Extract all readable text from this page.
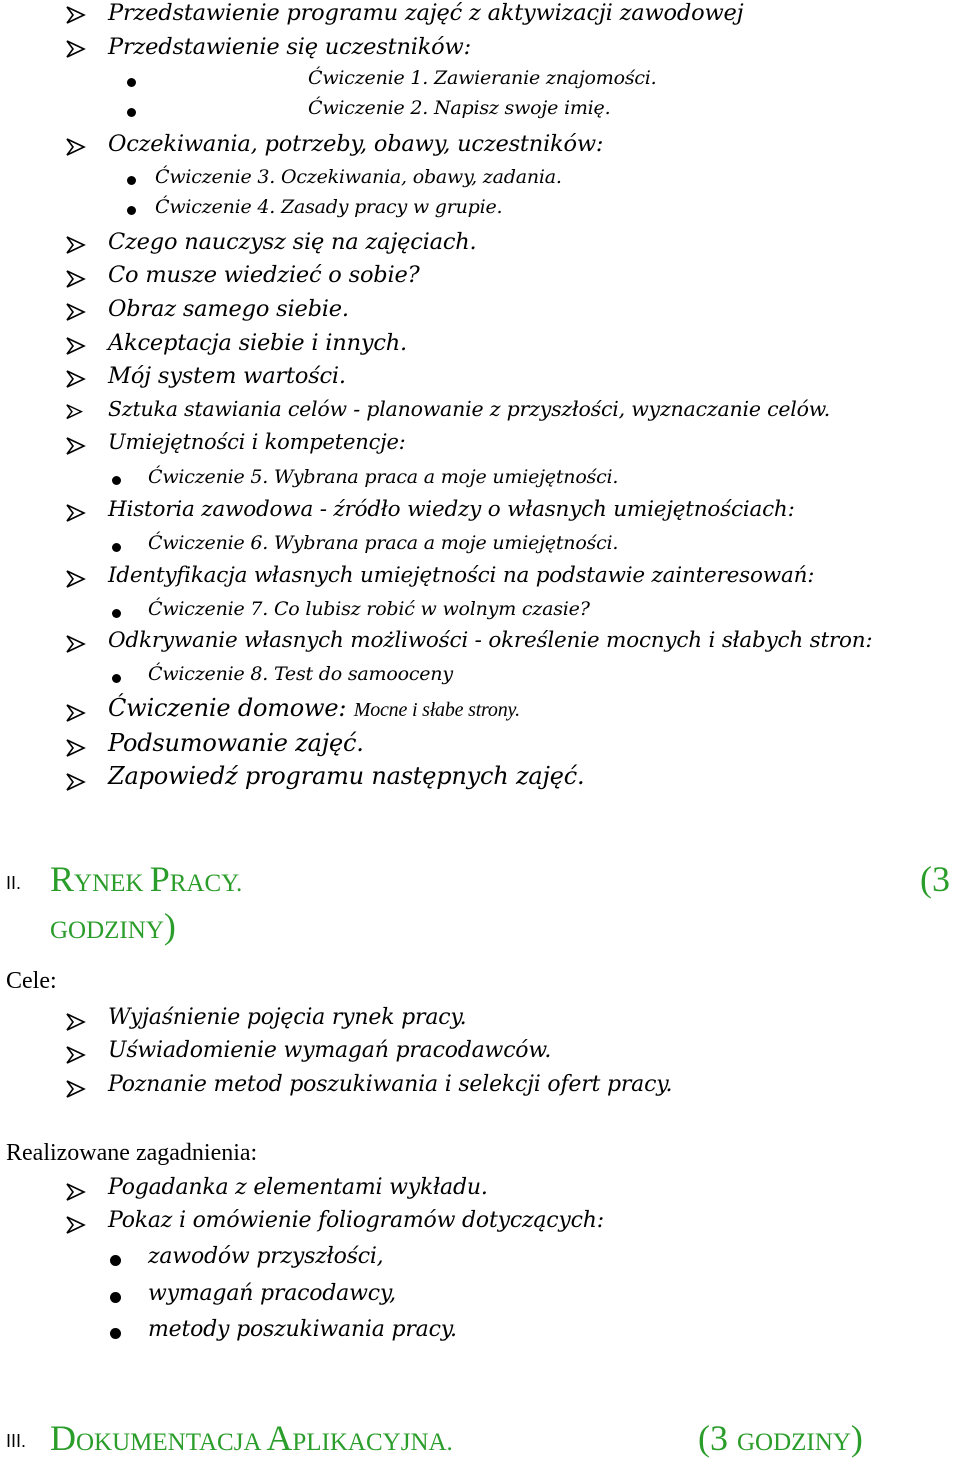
Przedstawienie programu zajęć z aktywizacji zawodowej
Przedstawienie się uczestników:
Ćwiczenie 1. Zawieranie znajomości.
Ćwiczenie 2. Napisz swoje imię.
Oczekiwania, potrzeby, obawy, uczestników:
Ćwiczenie 3. Oczekiwania, obawy, zadania.
Ćwiczenie 4. Zasady pracy w grupie.
Czego nauczysz się na zajęciach.
Co musze wiedzieć o sobie?
Obraz samego siebie.
Akceptacja siebie i innych.
Mój system wartości.
Sztuka stawiania celów - planowanie z przyszłości, wyznaczanie celów.
Umiejętności i kompetencje:
Ćwiczenie 5. Wybrana praca a moje umiejętności.
Historia zawodowa - źródło wiedzy o własnych umiejętnościach:
Ćwiczenie 6. Wybrana praca a moje umiejętności.
Identyfikacja własnych umiejętności na podstawie zainteresowań:
Ćwiczenie 7. Co lubisz robić w wolnym czasie?
Odkrywanie własnych możliwości - określenie mocnych i słabych stron:
Ćwiczenie 8. Test do samooceny
Ćwiczenie domowe: Mocne i słabe strony.
Podsumowanie zajęć.
Zapowiedź programu następnych zajęć.
II. RYNEK PRACY.	(3
GODZINY)
Cele:
Wyjaśnienie pojęcia rynek pracy.
Uświadomienie wymagań pracodawców.
Poznanie metod poszukiwania i selekcji ofert pracy.
Realizowane zagadnienia:
Pogadanka z elementami wykładu.
Pokaz i omówienie foliogramów dotyczących:
zawodów przyszłości,
wymagań pracodawcy,
metody poszukiwania pracy.
III. DOKUMENTACJA APLIKACYJNA.	(3 GODZINY)
